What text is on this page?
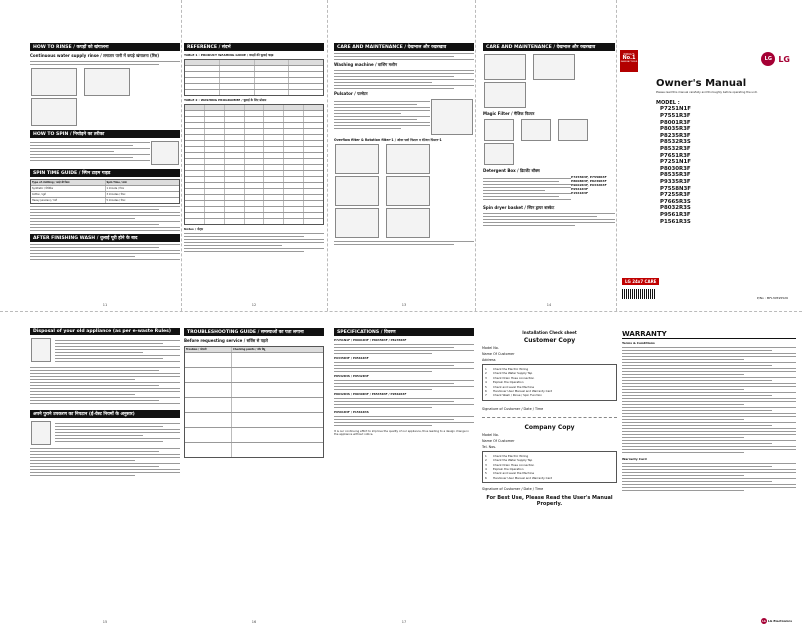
HOW TO RINSE / कपड़ों को खंगालना
Continuous water supply rinse / लगातार पानी में कपड़े खंगालना (रिंस)

HOW TO SPIN / निचोड़ने का तरीका
SPIN TIME GUIDE / स्पिन टाइम गाइड
Type of clothing / कपड़े की किस्म	Spin Time / समय
Synthetic / सिंथेटिक	1 minute / मिनट
Cotton / सूती	3 minutes / मिनट
Heavy (woolen) / भारी	5 minutes / मिनट
AFTER FINISHING WASH / धुलाई पूरी होने के बाद
11
REFERENCE / संदर्भ
TABLE 1 : PRODUCT WASHING GUIDE / कपड़ों की धुलाई गाइड
TABLE 2 : WASHING PROGRAMME / धुलाई के लिए प्रोग्राम
Notes / नोट्स
12
CARE AND MAINTENANCE / देखभाल और रखरखाव
Washing machine / वाशिंग मशीन
Pulsator / पल्सेटर
Overflow filter & Rotation filter-1 / ओवर फ्लो फिल्टर व रोटेशन फिल्टर-1

13
CARE AND MAINTENANCE / देखभाल और रखरखाव

Magic Filter / मैजिक फिल्टर

Detergent Box / डिटर्जेंट बॉक्स
P7255R3F, P7558R3F
P8008R3F, P8239R3F
P9002R3F, P9332R3F
P9561R3F
P1561R3F
Spin dryer basket / स्पिन ड्रायर बास्केट
14
INDIA'S
No.1
MANUFACTURER	LG LG
Owner's Manual
Please read this manual carefully and thoroughly before operating the unit.
MODEL :
P7251N1F
P7551R3F
P8001R3F
P8035R3F
P8235R3F
P8532R3S
P8532R3F
P7651R3F
P7251N1F
P8030R3F
P8535R3F
P9335R3F
P7558N3F
P7255R3F
P7665R3S
P8032R3S
P9561R3F
P1561R3S
LG 24x7 CARE
P/No : MFL30595526
Disposal of your old appliance (as per e-waste Rules)
अपने पुराने उपकरण का निपटान (ई-वेस्ट नियमों के अनुसार)
15
TROUBLESHOOTING GUIDE / समस्याओं का पता लगाना
Before requesting service / सर्विस से पहले
Troubles / परेशानी	Checking points / जाँच बिंदु
16
SPECIFICATIONS / विवरण
P7251N1F / P8001R3F / P8035R3F / P8235R3F
P9335R3F / P9561R3F
P8532R3S / P8532R3F
P8032R3S / P8030R3F / P8535R3F / P9562R3F
P9561R3F / P1561R3S
It is our continuing effort to improve the quality of our appliance, thus leading to a design change in the appliance without notice.
17
Installation Check sheet
Customer Copy
Model No.
Name Of Customer
Address
1	Check the Electric Wiring
2	Check the Water Supply Tap
3	Check Drain Hose connection
4	Explain the Operation
5	Check and Level the Machine
6	Handover User Manual and Warranty Card
7	Check Wash / Rinse / Spin Function
Signature of Customer / Date / Time
Company Copy
Model No.
Name Of Customer
Tel. Nos.
1	Check the Electric Wiring
2	Check the Water Supply Tap
3	Check Drain Hose connection
4	Explain the Operation
5	Check and Level the Machine
6	Handover User Manual and Warranty Card
Signature of Customer / Date / Time
For Best Use, Please Read the User's Manual Properly.
WARRANTY
Terms & Conditions
Warranty Card
LG LG Electronics
